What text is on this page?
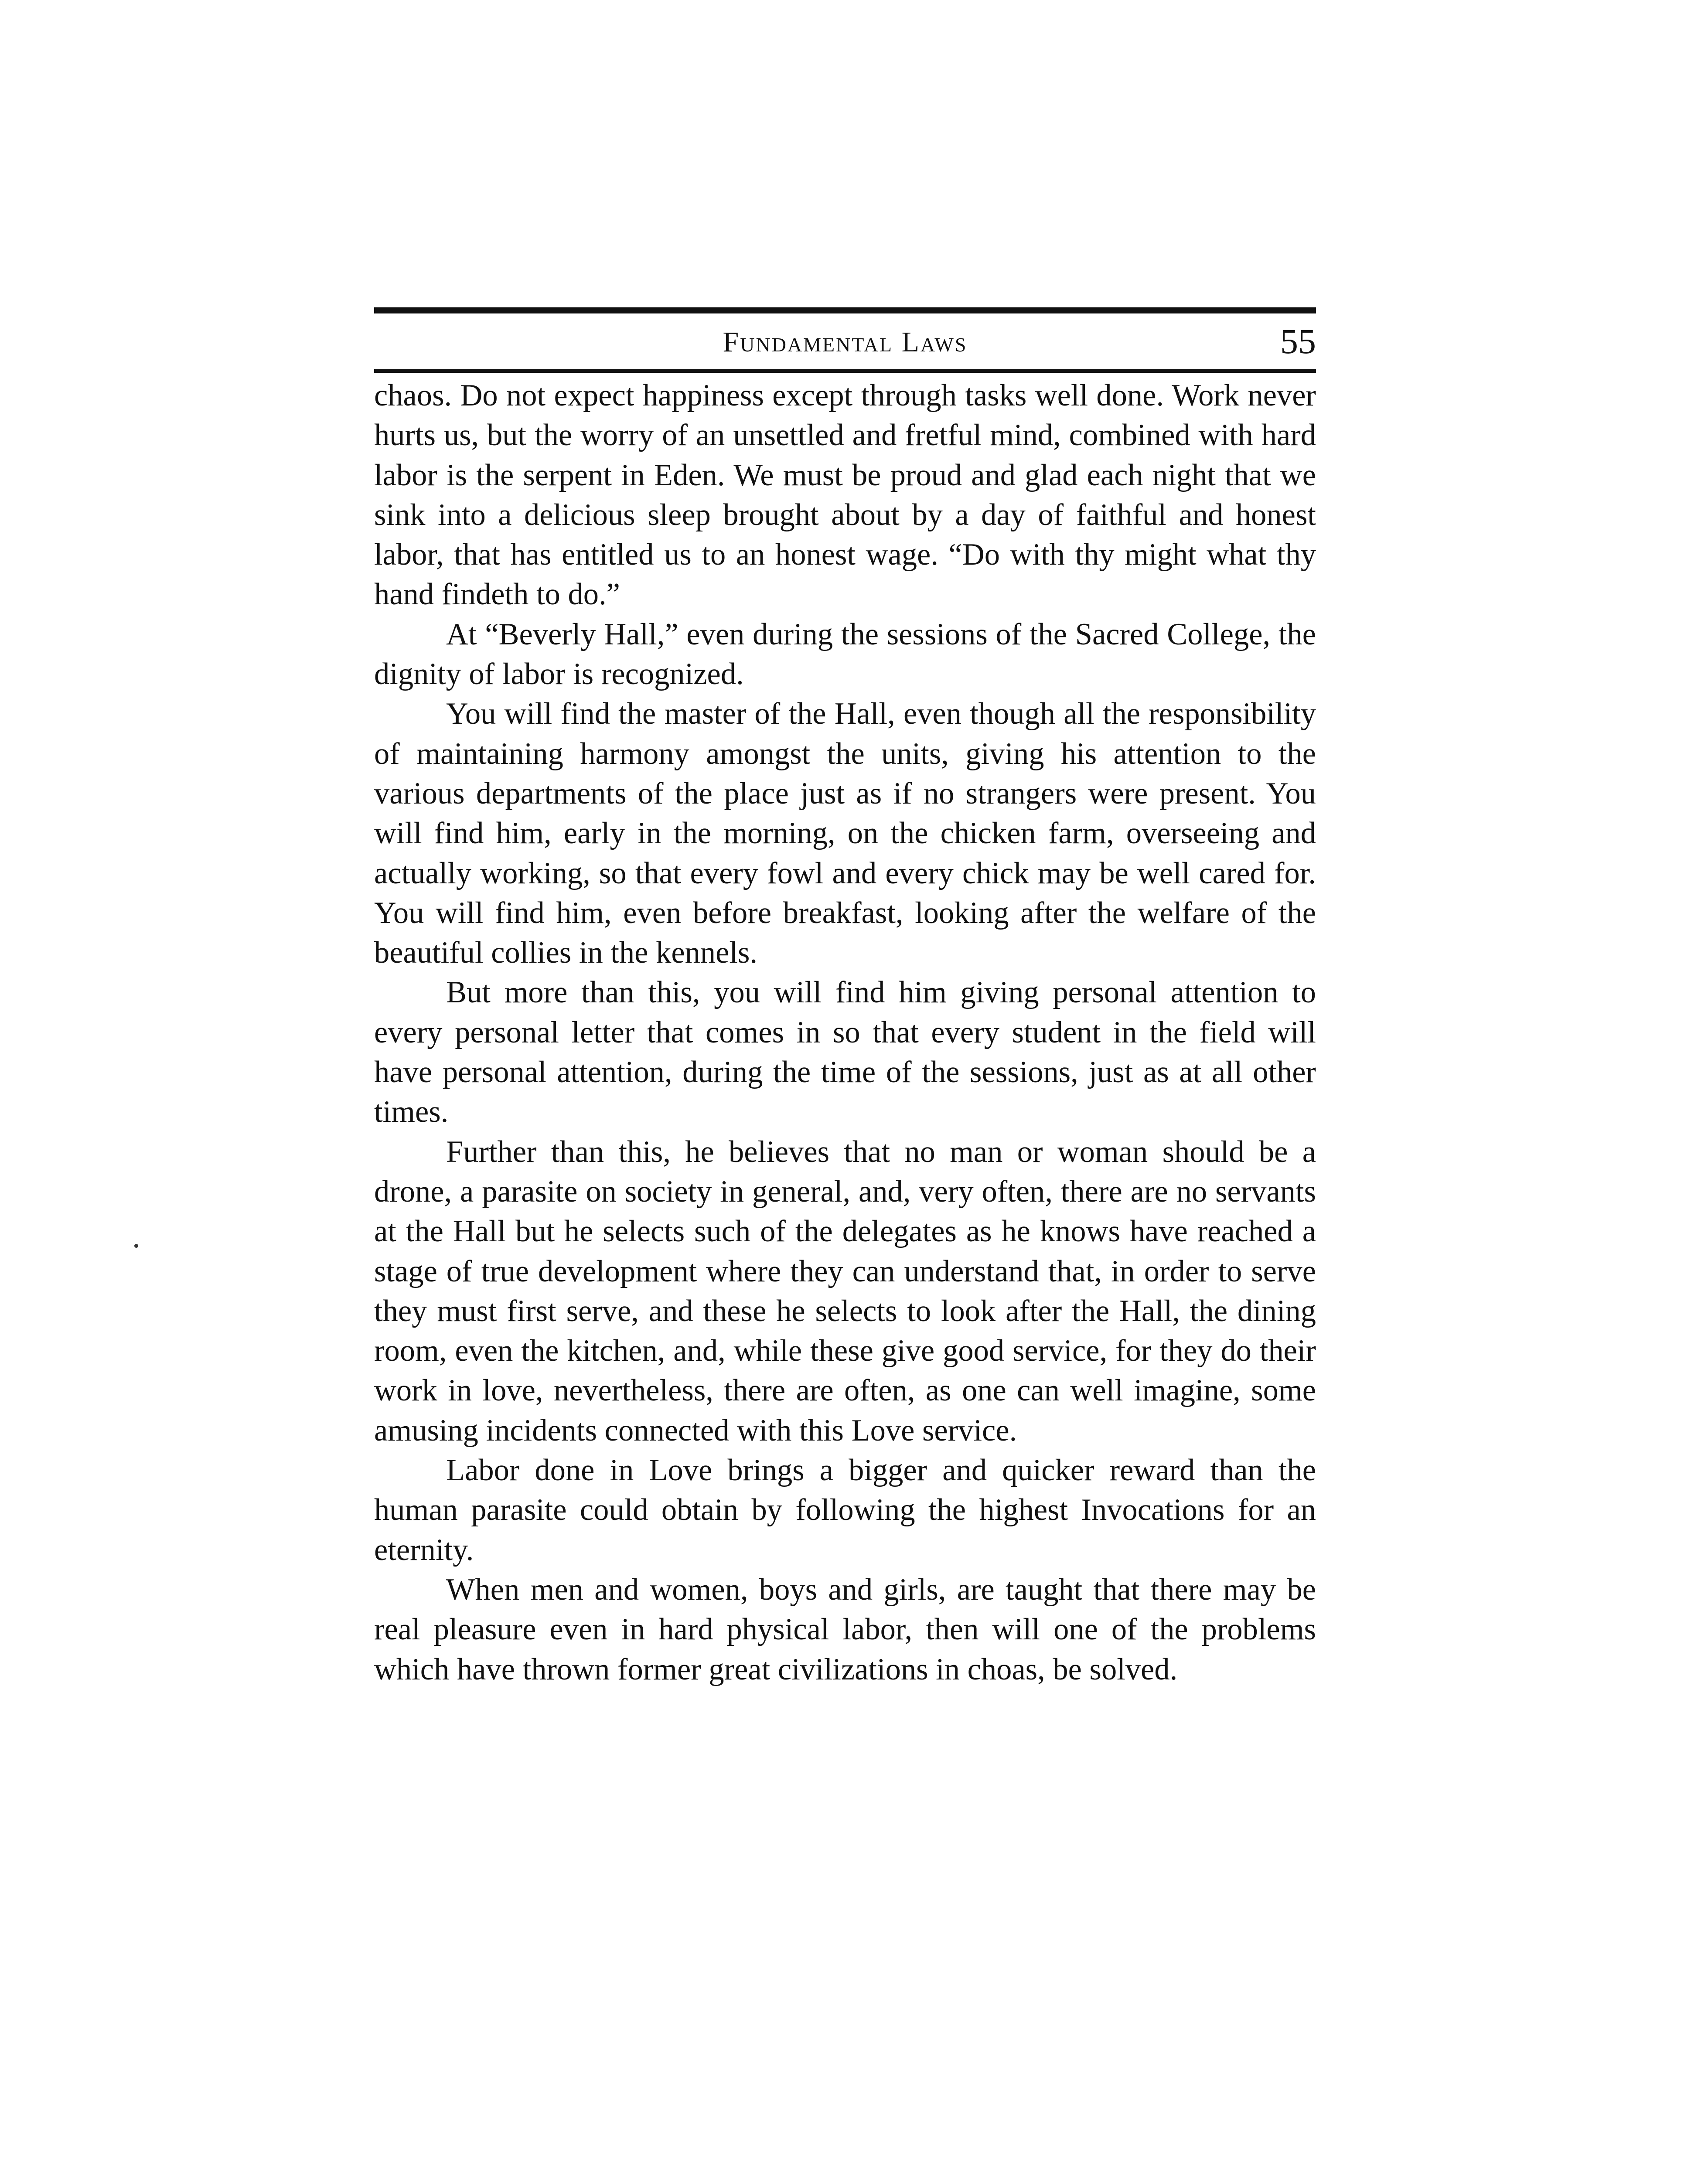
Fundamental Laws	55

chaos. Do not expect happiness except through tasks well done. Work never hurts us, but the worry of an unsettled and fretful mind, combined with hard labor is the serpent in Eden. We must be proud and glad each night that we sink into a delicious sleep brought about by a day of faithful and honest labor, that has entitled us to an honest wage. “Do with thy might what thy hand findeth to do.”

At “Beverly Hall,” even during the sessions of the Sacred College, the dignity of labor is recognized.

You will find the master of the Hall, even though all the responsibility of maintaining harmony amongst the units, giving his attention to the various departments of the place just as if no strangers were present. You will find him, early in the morning, on the chicken farm, overseeing and actually working, so that every fowl and every chick may be well cared for. You will find him, even before breakfast, looking after the welfare of the beautiful collies in the kennels.

But more than this, you will find him giving personal attention to every personal letter that comes in so that every student in the field will have personal attention, during the time of the sessions, just as at all other times.

Further than this, he believes that no man or woman should be a drone, a parasite on society in general, and, very often, there are no servants at the Hall but he selects such of the delegates as he knows have reached a stage of true development where they can understand that, in order to serve they must first serve, and these he selects to look after the Hall, the dining room, even the kitchen, and, while these give good service, for they do their work in love, nevertheless, there are often, as one can well imagine, some amusing incidents connected with this Love service.

Labor done in Love brings a bigger and quicker reward than the human parasite could obtain by following the highest Invocations for an eternity.

When men and women, boys and girls, are taught that there may be real pleasure even in hard physical labor, then will one of the problems which have thrown former great civilizations in choas, be solved.
